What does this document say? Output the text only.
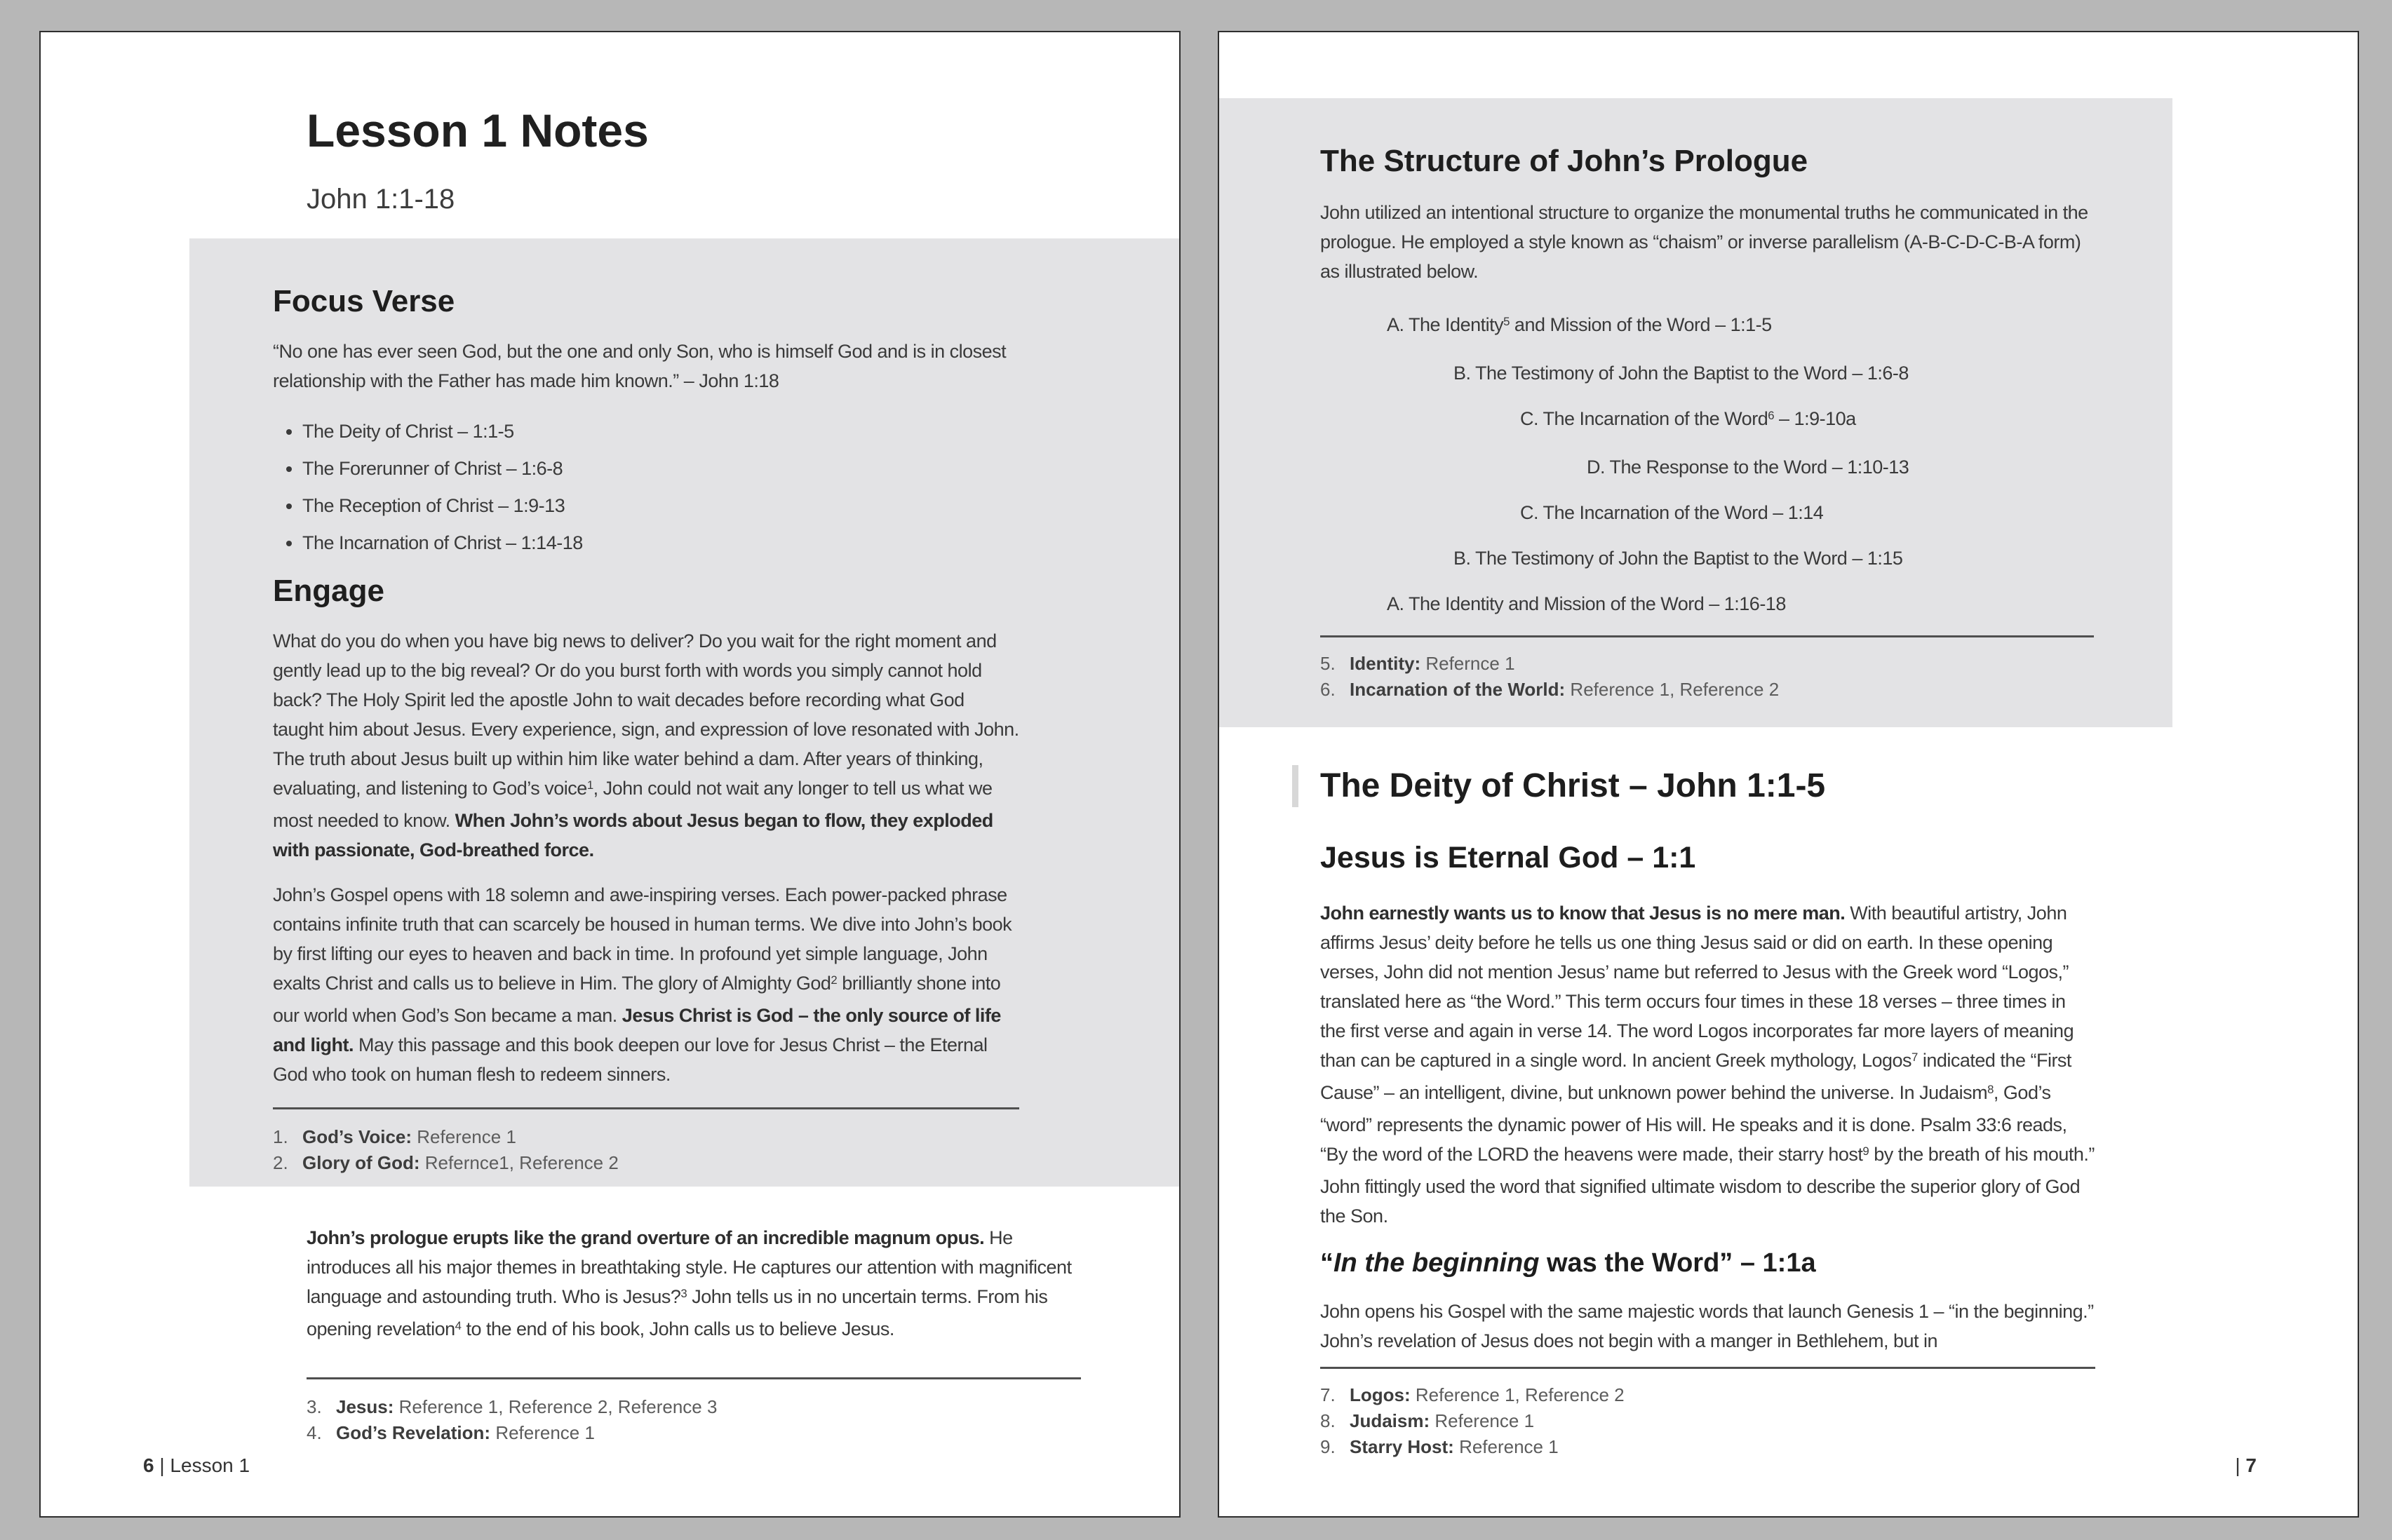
Lesson 1 Notes
John 1:1-18
Focus Verse

“No one has ever seen God, but the one and only Son, who is himself God and is in closest relationship with the Father has made him known.” – John 1:18

• The Deity of Christ – 1:1-5
• The Forerunner of Christ – 1:6-8
• The Reception of Christ – 1:9-13
• The Incarnation of Christ – 1:14-18
Engage

What do you do when you have big news to deliver? Do you wait for the right moment and gently lead up to the big reveal? Or do you burst forth with words you simply cannot hold back? The Holy Spirit led the apostle John to wait decades before recording what God taught him about Jesus. Every experience, sign, and expression of love resonated with John. The truth about Jesus built up within him like water behind a dam. After years of thinking, evaluating, and listening to God’s voice$^1$, John could not wait any longer to tell us what we most needed to know. When John’s words about Jesus began to flow, they exploded with passionate, God-breathed force.

John’s Gospel opens with 18 solemn and awe-inspiring verses. Each power-packed phrase contains infinite truth that can scarcely be housed in human terms. We dive into John’s book by first lifting our eyes to heaven and back in time. In profound yet simple language, John exalts Christ and calls us to believe in Him. The glory of Almighty God$^2$ brilliantly shone into our world when God’s Son became a man. Jesus Christ is God – the only source of life and light. May this passage and this book deepen our love for Jesus Christ – the Eternal God who took on human flesh to redeem sinners.

1. God’s Voice: Reference 1
2. Glory of God: Refernce1, Reference 2

John’s prologue erupts like the grand overture of an incredible magnum opus. He introduces all his major themes in breathtaking style. He captures our attention with magnificent language and astounding truth. Who is Jesus?$^3$ John tells us in no uncertain terms. From his opening revelation$^4$ to the end of his book, John calls us to believe Jesus.

3. Jesus: Reference 1, Reference 2, Reference 3
4. God’s Revelation: Reference 1
6 | Lesson 1
The Structure of John’s Prologue

John utilized an intentional structure to organize the monumental truths he communicated in the prologue. He employed a style known as “chaism” or inverse parallelism (A-B-C-D-C-B-A form) as illustrated below.

A. The Identity$^5$ and Mission of the Word – 1:1-5
B. The Testimony of John the Baptist to the Word – 1:6-8
C. The Incarnation of the Word$^6$ – 1:9-10a
D. The Response to the Word – 1:10-13
C. The Incarnation of the Word – 1:14
B. The Testimony of John the Baptist to the Word – 1:15
A. The Identity and Mission of the Word – 1:16-18
5. Identity: Refernce 1
6. Incarnation of the World: Reference 1, Reference 2
The Deity of Christ – John 1:1-5
Jesus is Eternal God – 1:1

John earnestly wants us to know that Jesus is no mere man. With beautiful artistry, John affirms Jesus’ deity before he tells us one thing Jesus said or did on earth. In these opening verses, John did not mention Jesus’ name but referred to Jesus with the Greek word “Logos,” translated here as “the Word.” This term occurs four times in these 18 verses – three times in the first verse and again in verse 14. The word Logos incorporates far more layers of meaning than can be captured in a single word. In ancient Greek mythology, Logos$^7$ indicated the “First Cause” – an intelligent, divine, but unknown power behind the universe. In Judaism$^8$, God’s “word” represents the dynamic power of His will. He speaks and it is done. Psalm 33:6 reads, “By the word of the LORD the heavens were made, their starry host$^9$ by the breath of his mouth.” John fittingly used the word that signified ultimate wisdom to describe the superior glory of God the Son.

“In the beginning was the Word” – 1:1a

John opens his Gospel with the same majestic words that launch Genesis 1 – “in the beginning.” John’s revelation of Jesus does not begin with a manger in Bethlehem, but in

7. Logos: Reference 1, Reference 2
8. Judaism: Reference 1
9. Starry Host: Reference 1
| 7
